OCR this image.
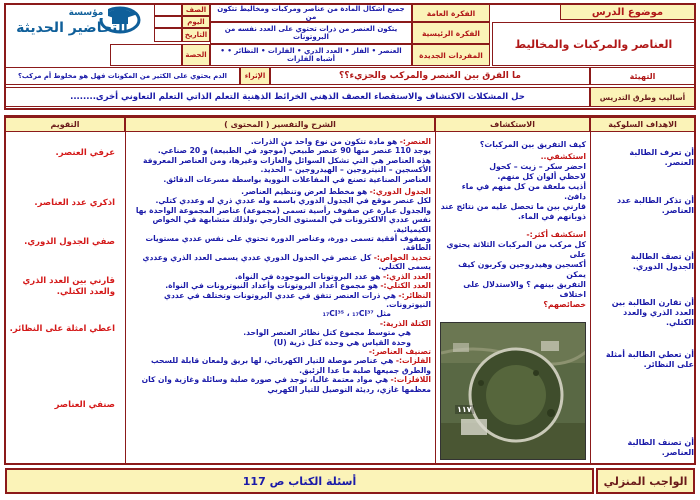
مؤسسة
التحاضير الحديثة
موضوع الدرس
العناصر والمركبات والمخاليط
الفكرة العامة
جميع أشكال المادة من عناصر ومركبات ومخاليط تتكون من
الفكرة الرئيسية
يتكون العنصر من ذرات تحتوي على العدد نفسه من البروتونات
المفردات الجديدة
• العنصر • الفلز • العدد الذري • الفلزات • النظائر • أشباه الفلزات
الصف
اليوم
التاريخ
الحصة
التهيئة
ما الفرق بين العنصر والمركب والجزيء؟؟
الإثراء
الدم يحتوي على الكثير من المكونات فهل هو مخلوط أم مركب؟
أساليب وطرق التدريس
حل المشكلات الاكتشاف والاستقصاء العصف الذهني الخرائط الذهنية التعلم الذاتي التعلم التعاوني أخرى........
الاهداف السلوكية
الاستكشاف
الشرح والتفسير ( المحتوى )
التقويم
أن تعرف الطالبة العنصر.
أن تذكر الطالبة عدد العناصر.
أن تصف الطالبة الجدول الدوري.
أن تقارن الطالبة بين العدد الذري والعدد الكتلي.
أن تعطي الطالبة أمثلة على النظائر.
أن تصنف الطالبة العناصر.
عرفي العنصر.
اذكري عدد العناصر.
صفي الجدول الدوري.
قارني بين العدد الذري والعدد الكتلي.
اعطي امثلة على النظائر.
صنفي العناصر
كيف التفريق بين المركبات؟
استكشفي..
احضر سكر – زيت – كحول
لاحظي ألوان كل منهم.
أذيب ملعقة من كل منهم في ماء دافئ.
قارني بين ما تحصل عليه من نتائج عند
ذوبانهم في الماء.
استكشف أكثر:-
كل مركب من المركبات الثلاثة يحتوي على
أكسجين وهيدروجين وكربون كيف يمكن
التفريق بينهم ؟ والاستدلال على اختلاف
خصائصهم؟
١١٧
العنصر:- هو مادة تتكون من نوع واحد من الذرات.
يوجد 110 عنصر منها 90 عنصر طبيعي (موجود في الطبيعة) و 20 صناعي.
هذه العناصر هي التي تشكل السوائل والغازات وغيرها، ومن العناصر المعروفة الأكسجين – النيتروجين – الهيدروجين – الحديد.
العناصر الصناعية تصنع في المفاعلات النووية بواسطة مسرعات الدقائق.
الجدول الدوري:- هو مخطط لعرض وتنظيم العناصر.
لكل عنصر موقع في الجدول الدوري باسمه وله عددي ذري له وعددي كتلي.
والجدول عبارة عن صفوف رأسية تسمى (مجموعة) عناصر المجموعة الواحدة بها نفس عددي الالكترونات في المستوى الخارجي ،ولذلك متشابهة في الخواص الكيميائية.
وصفوف أفقية تسمى دورة، وعناصر الدورة تحتوي على نفس عددي مستويات الطاقة.
تحديد الخواص:- كل عنصر في الجدول الدوري عددي يسمى العدد الذري وعددي يسمى الكتلي.
العدد الذري:- هو عدد البروتونات الموجودة في النواة.
العدد الكتلي:- هو مجموع أعداد البروتونات وأعداد النيوترونات في النواة.
النظائر:- هي ذرات العنصر تتفق في عددي البروتونات وتختلف في عددي النيوترونات.
مثل ₁₇Cl³⁵ ، ₁₇Cl³⁷
الكتلة الذرية:-
هي متوسط مجموع كتل نظائر العنصر الواحد.
وحدة القياس هي وحدة كتل ذرية (U)
تصنيف العناصر:-
الفلزات:- هي عناصر موصلة للتيار الكهربائي، لها بريق ولمعان قابلة للسحب والطرق جميعها صلبة ما عدا الزئبق.
اللافلزات:- هي مواد معتمة غالبا، توجد في صورة صلبة وسائلة وغازية وان كان معظمها غازي، رديئة التوصيل للتيار الكهربي
الواجب المنزلي
أسئلة الكتاب ص 117
